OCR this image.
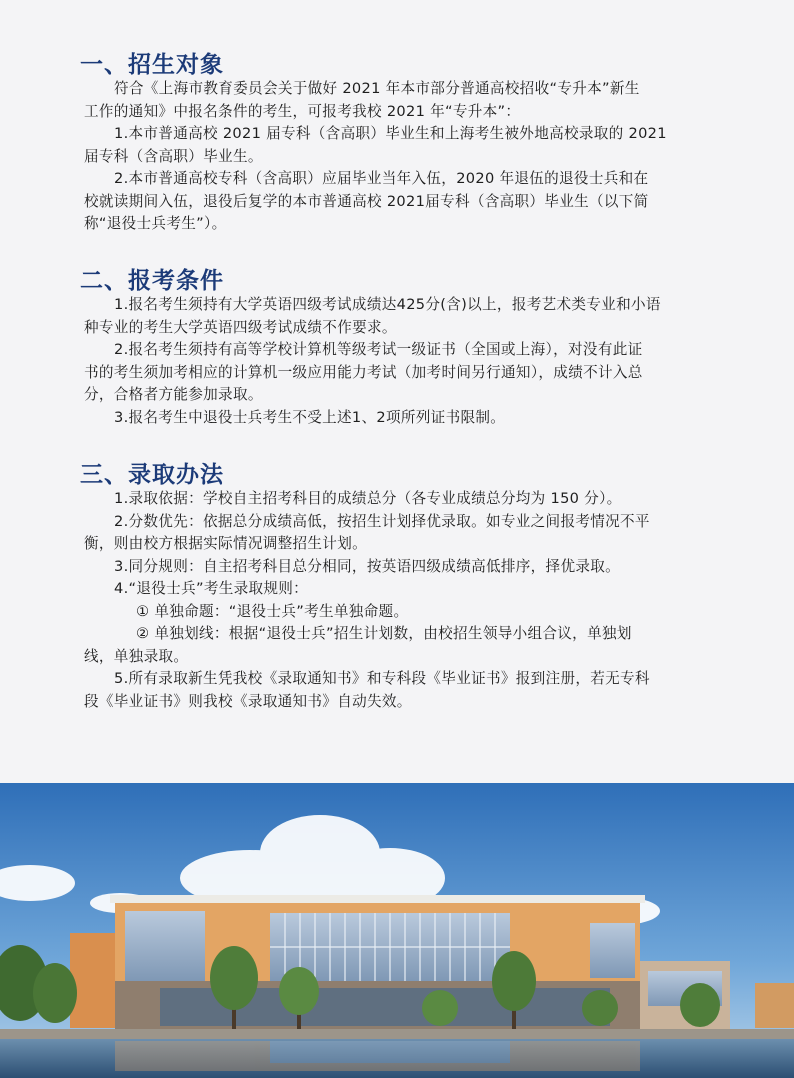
一、招生对象
符合《上海市教育委员会关于做好 2021 年本市部分普通高校招收“专升本”新生
工作的通知》中报名条件的考生，可报考我校 2021 年“专升本”：
1.本市普通高校 2021 届专科（含高职）毕业生和上海考生被外地高校录取的 2021
届专科（含高职）毕业生。
2.本市普通高校专科（含高职）应届毕业当年入伍，2020 年退伍的退役士兵和在
校就读期间入伍，退役后复学的本市普通高校 2021届专科（含高职）毕业生（以下简
称“退役士兵考生”）。
二、报考条件
1.报名考生须持有大学英语四级考试成绩达425分(含)以上，报考艺术类专业和小语
种专业的考生大学英语四级考试成绩不作要求。
2.报名考生须持有高等学校计算机等级考试一级证书（全国或上海），对没有此证
书的考生须加考相应的计算机一级应用能力考试（加考时间另行通知），成绩不计入总
分，合格者方能参加录取。
3.报名考生中退役士兵考生不受上述1、2项所列证书限制。
三、录取办法
1.录取依据：学校自主招考科目的成绩总分（各专业成绩总分均为 150 分）。
2.分数优先：依据总分成绩高低，按招生计划择优录取。如专业之间报考情况不平
衡，则由校方根据实际情况调整招生计划。
3.同分规则：自主招考科目总分相同，按英语四级成绩高低排序，择优录取。
4.“退役士兵”考生录取规则：
① 单独命题：“退役士兵”考生单独命题。
② 单独划线：根据“退役士兵”招生计划数，由校招生领导小组合议，单独划
线，单独录取。
5.所有录取新生凭我校《录取通知书》和专科段《毕业证书》报到注册，若无专科
段《毕业证书》则我校《录取通知书》自动失效。
